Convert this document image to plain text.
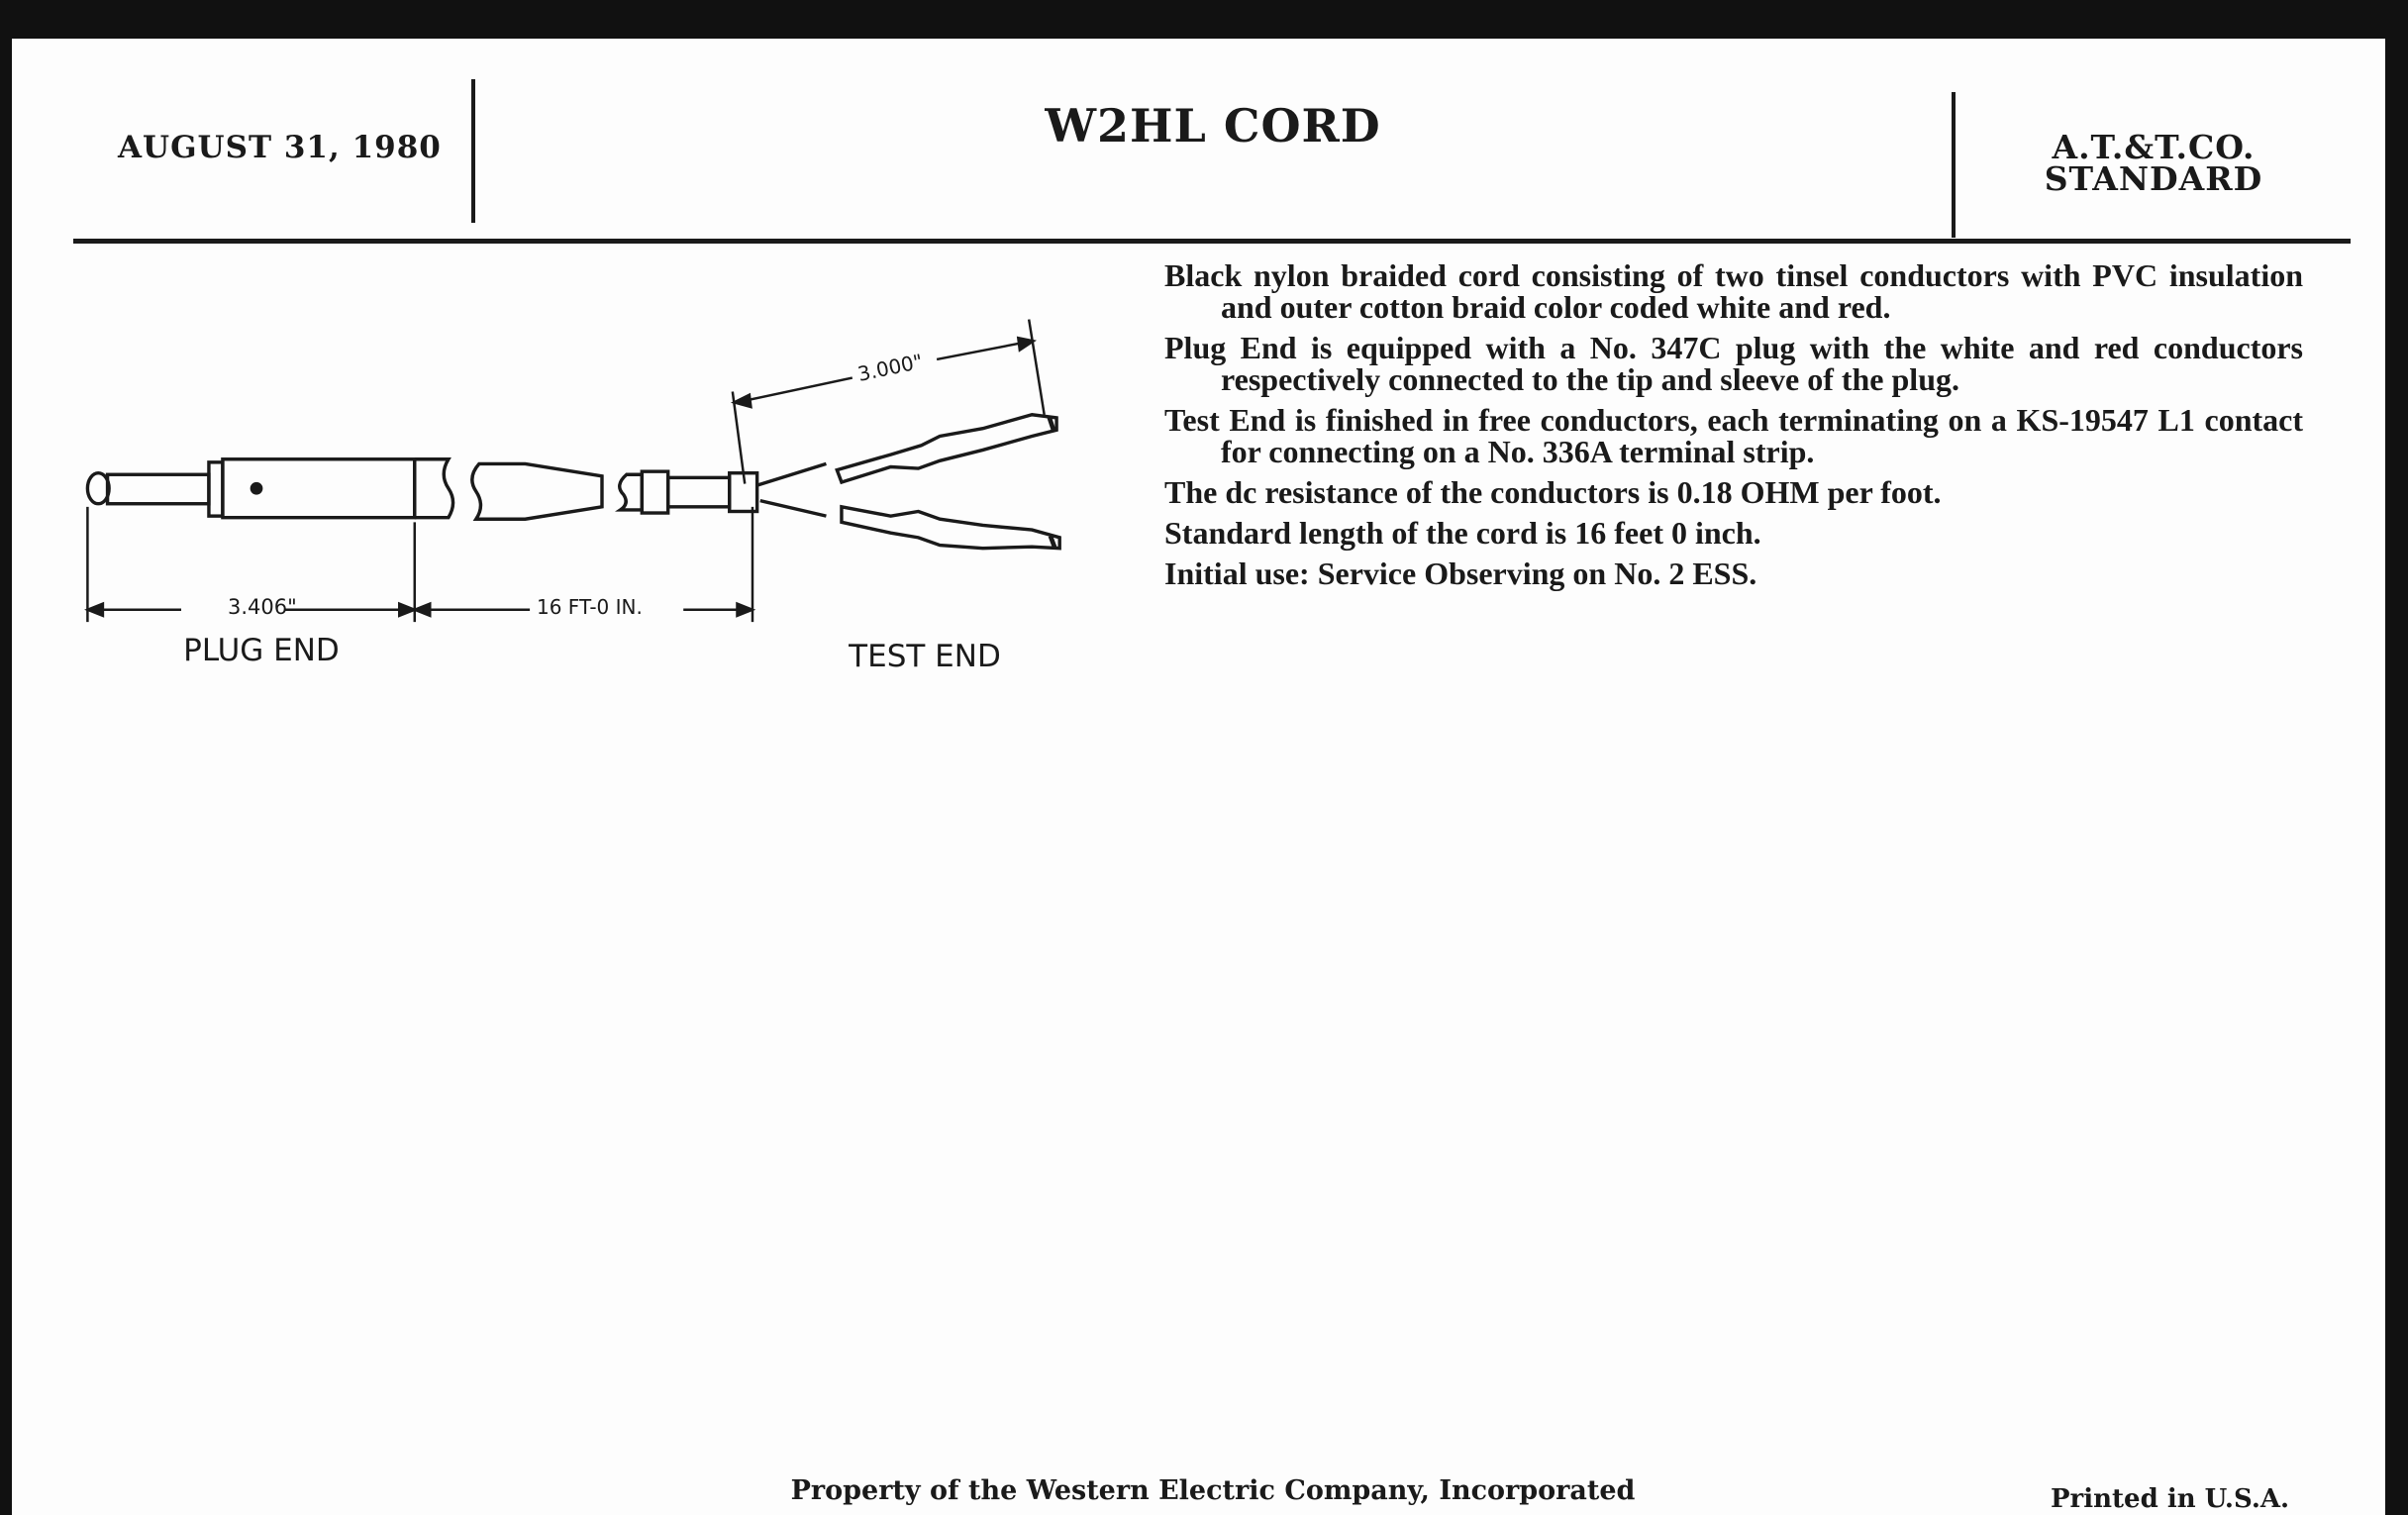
AUGUST 31, 1980	W2HL CORD	A.T.&T.CO.
STANDARD
3.406"	16 FT-0 IN.
3.000"
PLUG END	TEST END

Black nylon braided cord consisting of two tinsel conductors with PVC insulation and outer cotton braid color coded white and red.

Plug End is equipped with a No. 347C plug with the white and red conductors respectively connected to the tip and sleeve of the plug.

Test End is finished in free conductors, each terminating on a KS-19547 L1 contact for connecting on a No. 336A terminal strip.

The dc resistance of the conductors is 0.18 OHM per foot.

Standard length of the cord is 16 feet 0 inch.

Initial use: Service Observing on No. 2 ESS.

Property of the Western Electric Company, Incorporated	Printed in U.S.A.
